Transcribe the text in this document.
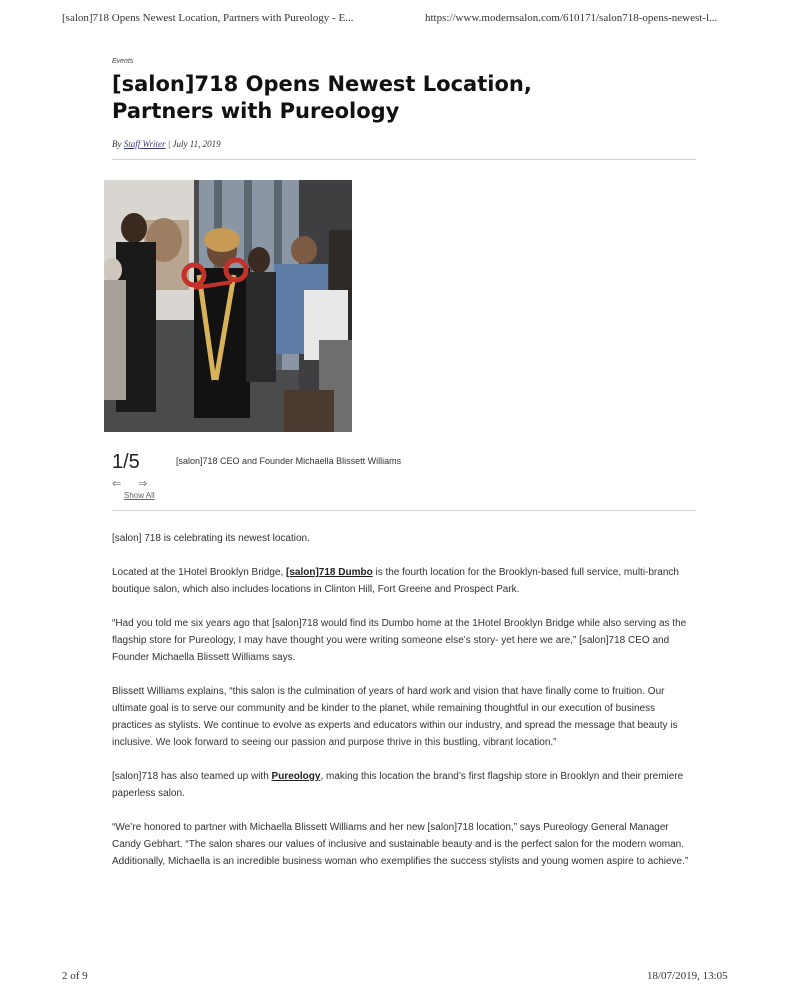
[salon]718 Opens Newest Location, Partners with Pureology - E...	https://www.modernsalon.com/610171/salon718-opens-newest-l...
Events
[salon]718 Opens Newest Location, Partners with Pureology
By Staff Writer | July 11, 2019
1/5	[salon]718 CEO and Founder Michaella Blissett Williams
⇐ ⇒
Show All

[salon] 718 is celebrating its newest location.

Located at the 1Hotel Brooklyn Bridge, [salon]718 Dumbo is the fourth location for the Brooklyn-based full service, multi-branch boutique salon, which also includes locations in Clinton Hill, Fort Greene and Prospect Park.

“Had you told me six years ago that [salon]718 would find its Dumbo home at the 1Hotel Brooklyn Bridge while also serving as the flagship store for Pureology, I may have thought you were writing someone else’s story- yet here we are,” [salon]718 CEO and Founder Michaella Blissett Williams says.

Blissett Williams explains, “this salon is the culmination of years of hard work and vision that have finally come to fruition. Our ultimate goal is to serve our community and be kinder to the planet, while remaining thoughtful in our execution of business practices as stylists. We continue to evolve as experts and educators within our industry, and spread the message that beauty is inclusive. We look forward to seeing our passion and purpose thrive in this bustling, vibrant location.”

[salon]718 has also teamed up with Pureology, making this location the brand’s first flagship store in Brooklyn and their premiere paperless salon.

“We’re honored to partner with Michaella Blissett Williams and her new [salon]718 location,” says Pureology General Manager Candy Gebhart. “The salon shares our values of inclusive and sustainable beauty and is the perfect salon for the modern woman. Additionally, Michaella is an incredible business woman who exemplifies the success stylists and young women aspire to achieve.”

2 of 9	18/07/2019, 13:05
